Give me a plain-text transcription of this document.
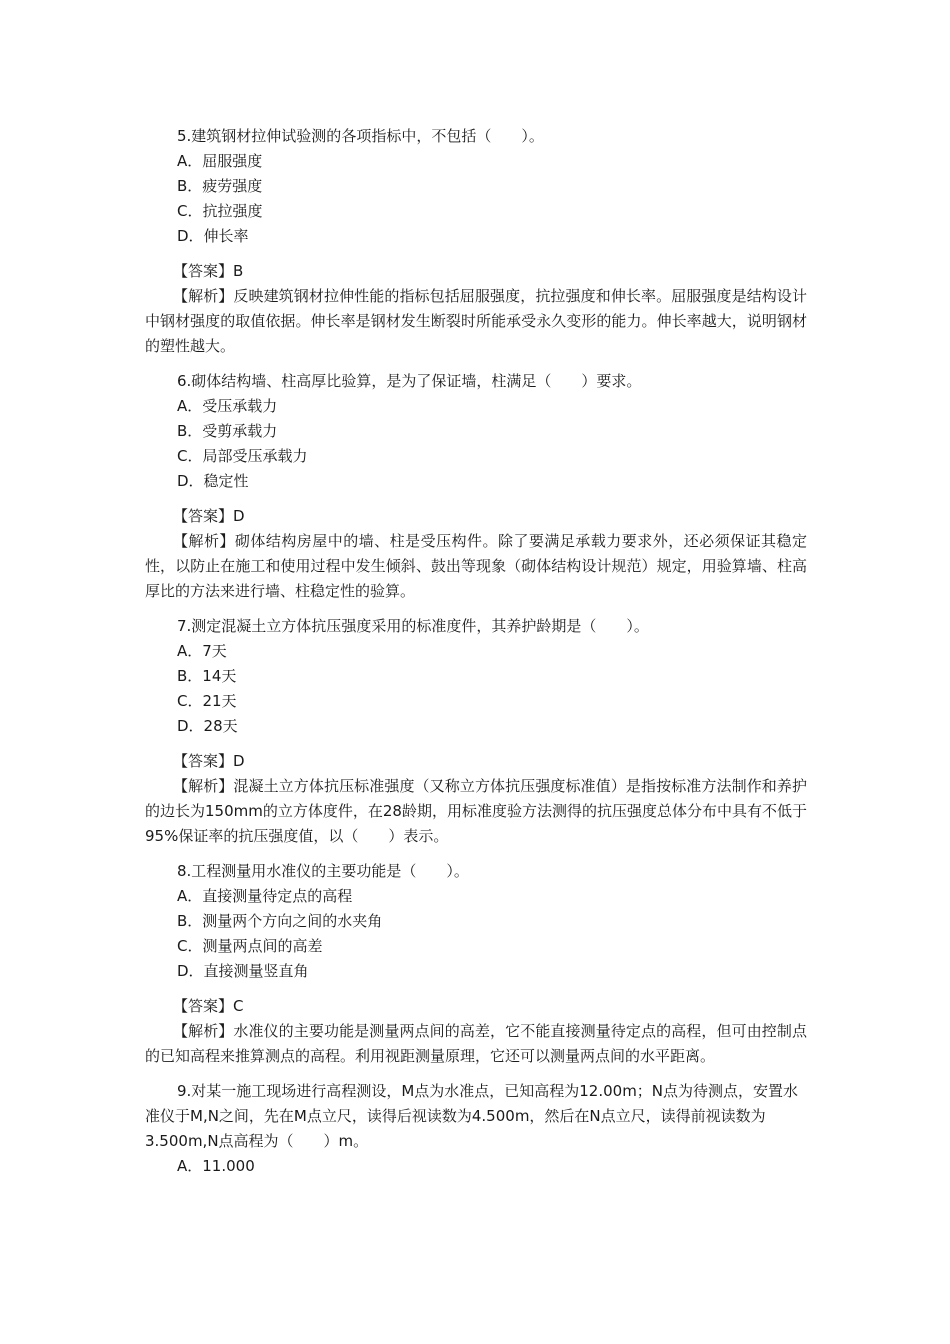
5.建筑钢材拉伸试验测的各项指标中，不包括（　　）。

A．屈服强度

B．疲劳强度

C．抗拉强度

D．伸长率

【答案】B

【解析】反映建筑钢材拉伸性能的指标包括屈服强度，抗拉强度和伸长率。屈服强度是结构设计中钢材强度的取值依据。伸长率是钢材发生断裂时所能承受永久变形的能力。伸长率越大，说明钢材的塑性越大。

6.砌体结构墙、柱高厚比验算，是为了保证墙，柱满足（　　）要求。

A．受压承载力

B．受剪承载力

C．局部受压承载力

D．稳定性

【答案】D

【解析】砌体结构房屋中的墙、柱是受压构件。除了要满足承载力要求外，还必须保证其稳定性，以防止在施工和使用过程中发生倾斜、鼓出等现象（砌体结构设计规范）规定，用验算墙、柱高厚比的方法来进行墙、柱稳定性的验算。

7.测定混凝土立方体抗压强度采用的标准度件，其养护龄期是（　　）。

A．7天

B．14天

C．21天

D．28天

【答案】D

【解析】混凝土立方体抗压标准强度（又称立方体抗压强度标准值）是指按标准方法制作和养护的边长为150mm的立方体度件，在28龄期，用标准度验方法测得的抗压强度总体分布中具有不低于95%保证率的抗压强度值，以（　　）表示。

8.工程测量用水准仪的主要功能是（　　）。

A．直接测量待定点的高程

B．测量两个方向之间的水夹角

C．测量两点间的高差

D．直接测量竖直角

【答案】C

【解析】水准仪的主要功能是测量两点间的高差，它不能直接测量待定点的高程，但可由控制点的已知高程来推算测点的高程。利用视距测量原理，它还可以测量两点间的水平距离。

9.对某一施工现场进行高程测设，M点为水准点，已知高程为12.00m；N点为待测点，安置水准仪于M,N之间，先在M点立尺，读得后视读数为4.500m，然后在N点立尺，读得前视读数为3.500m,N点高程为（　　）m。

A．11.000
